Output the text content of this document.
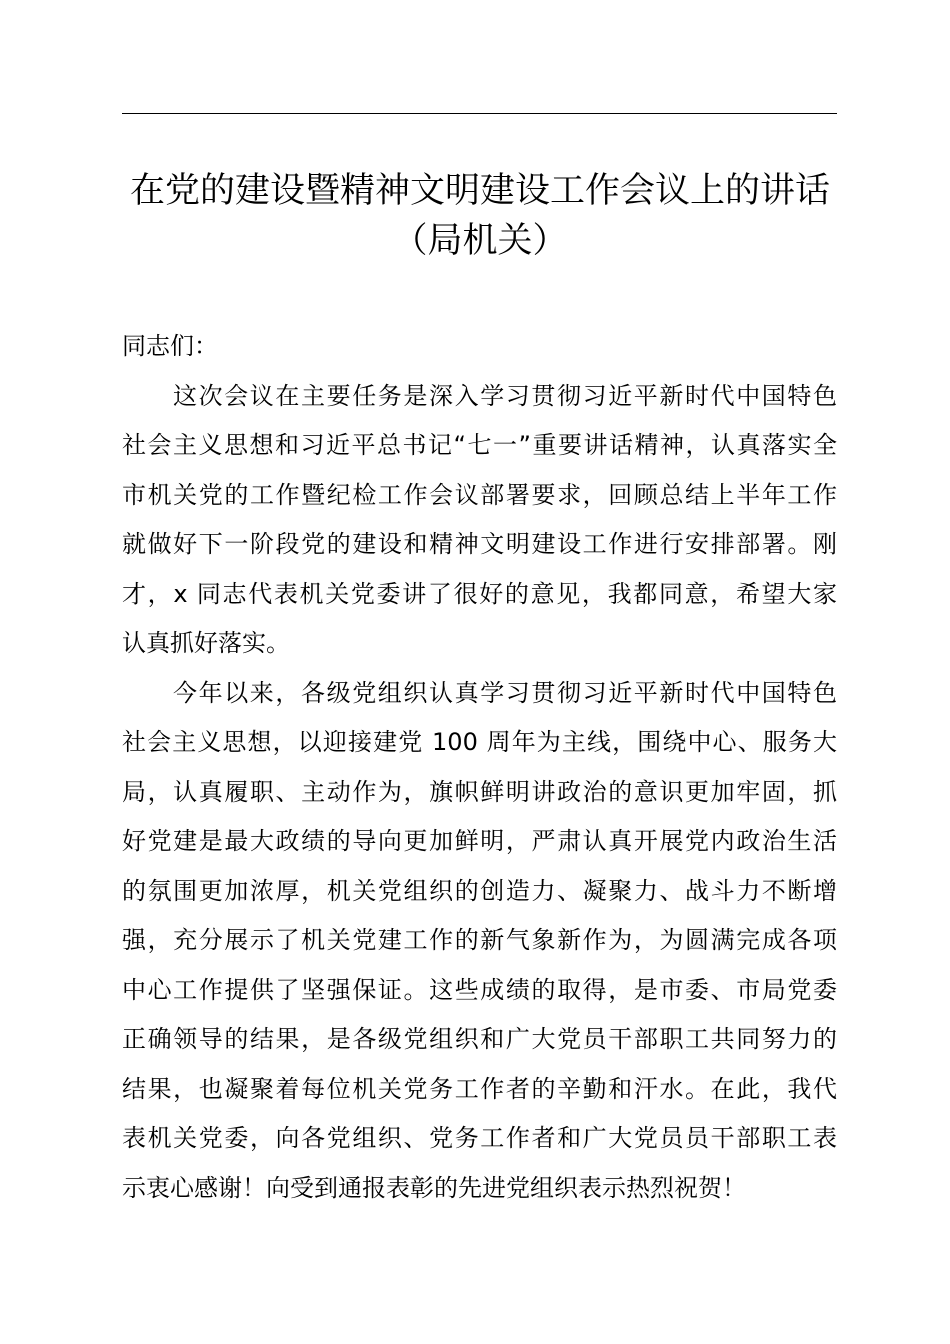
在党的建设暨精神文明建设工作会议上的讲话
（局机关）

同志们：

这次会议在主要任务是深入学习贯彻习近平新时代中国特色
社会主义思想和习近平总书记“七一”重要讲话精神，认真落实全
市机关党的工作暨纪检工作会议部署要求，回顾总结上半年工作
就做好下一阶段党的建设和精神文明建设工作进行安排部署。刚
才，x 同志代表机关党委讲了很好的意见，我都同意，希望大家
认真抓好落实。

今年以来，各级党组织认真学习贯彻习近平新时代中国特色
社会主义思想，以迎接建党 100 周年为主线，围绕中心、服务大
局，认真履职、主动作为，旗帜鲜明讲政治的意识更加牢固，抓
好党建是最大政绩的导向更加鲜明，严肃认真开展党内政治生活
的氛围更加浓厚，机关党组织的创造力、凝聚力、战斗力不断增
强，充分展示了机关党建工作的新气象新作为，为圆满完成各项
中心工作提供了坚强保证。这些成绩的取得，是市委、市局党委
正确领导的结果，是各级党组织和广大党员干部职工共同努力的
结果，也凝聚着每位机关党务工作者的辛勤和汗水。在此，我代
表机关党委，向各党组织、党务工作者和广大党员员干部职工表
示衷心感谢！向受到通报表彰的先进党组织表示热烈祝贺！
